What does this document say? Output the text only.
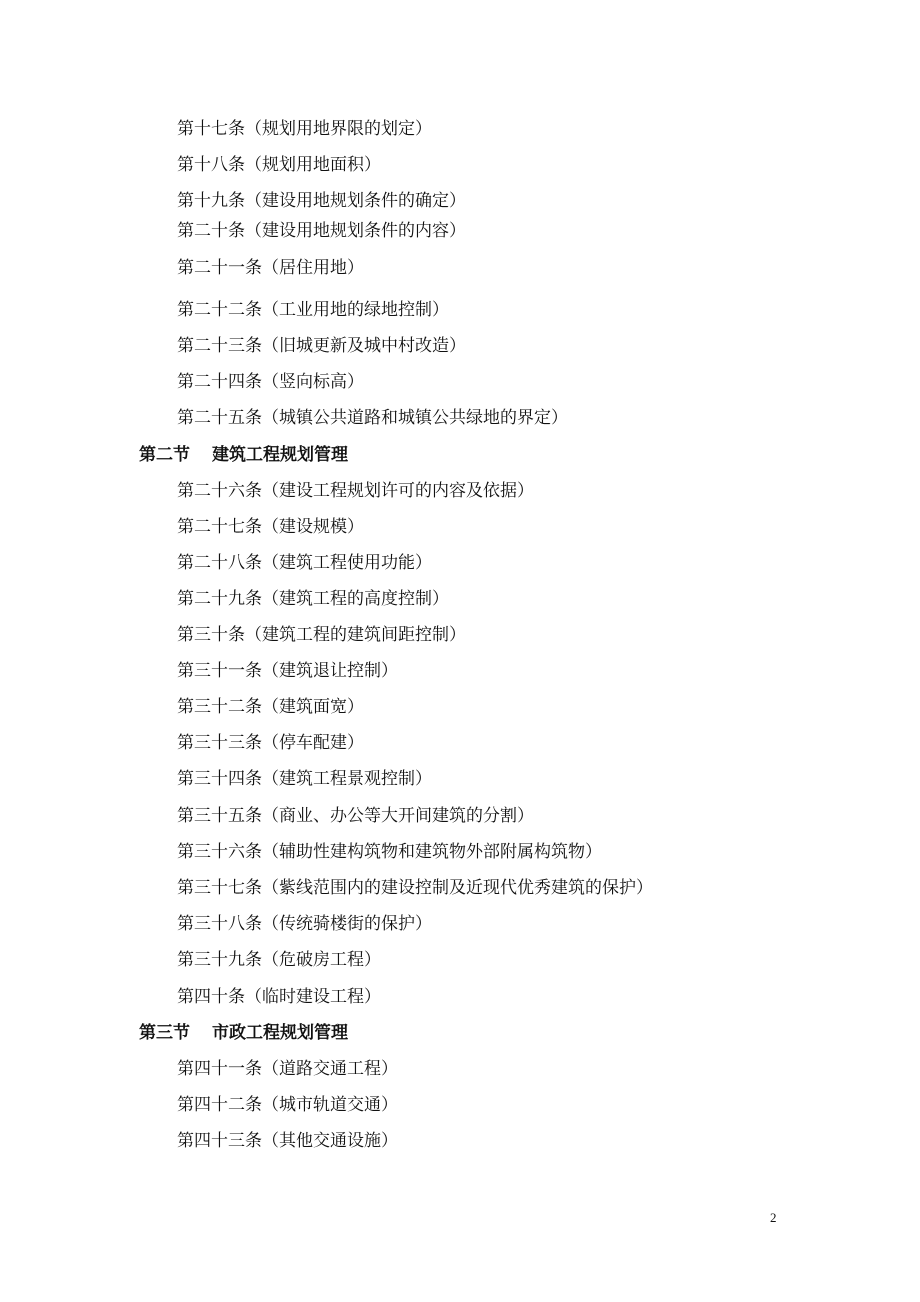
第十七条（规划用地界限的划定）
第十八条（规划用地面积）
第十九条（建设用地规划条件的确定）
第二十条（建设用地规划条件的内容）
第二十一条（居住用地）
第二十二条（工业用地的绿地控制）
第二十三条（旧城更新及城中村改造）
第二十四条（竖向标高）
第二十五条（城镇公共道路和城镇公共绿地的界定）
第二节 建筑工程规划管理
第二十六条（建设工程规划许可的内容及依据）
第二十七条（建设规模）
第二十八条（建筑工程使用功能）
第二十九条（建筑工程的高度控制）
第三十条（建筑工程的建筑间距控制）
第三十一条（建筑退让控制）
第三十二条（建筑面宽）
第三十三条（停车配建）
第三十四条（建筑工程景观控制）
第三十五条（商业、办公等大开间建筑的分割）
第三十六条（辅助性建构筑物和建筑物外部附属构筑物）
第三十七条（紫线范围内的建设控制及近现代优秀建筑的保护）
第三十八条（传统骑楼街的保护）
第三十九条（危破房工程）
第四十条（临时建设工程）
第三节 市政工程规划管理
第四十一条（道路交通工程）
第四十二条（城市轨道交通）
第四十三条（其他交通设施）
2
